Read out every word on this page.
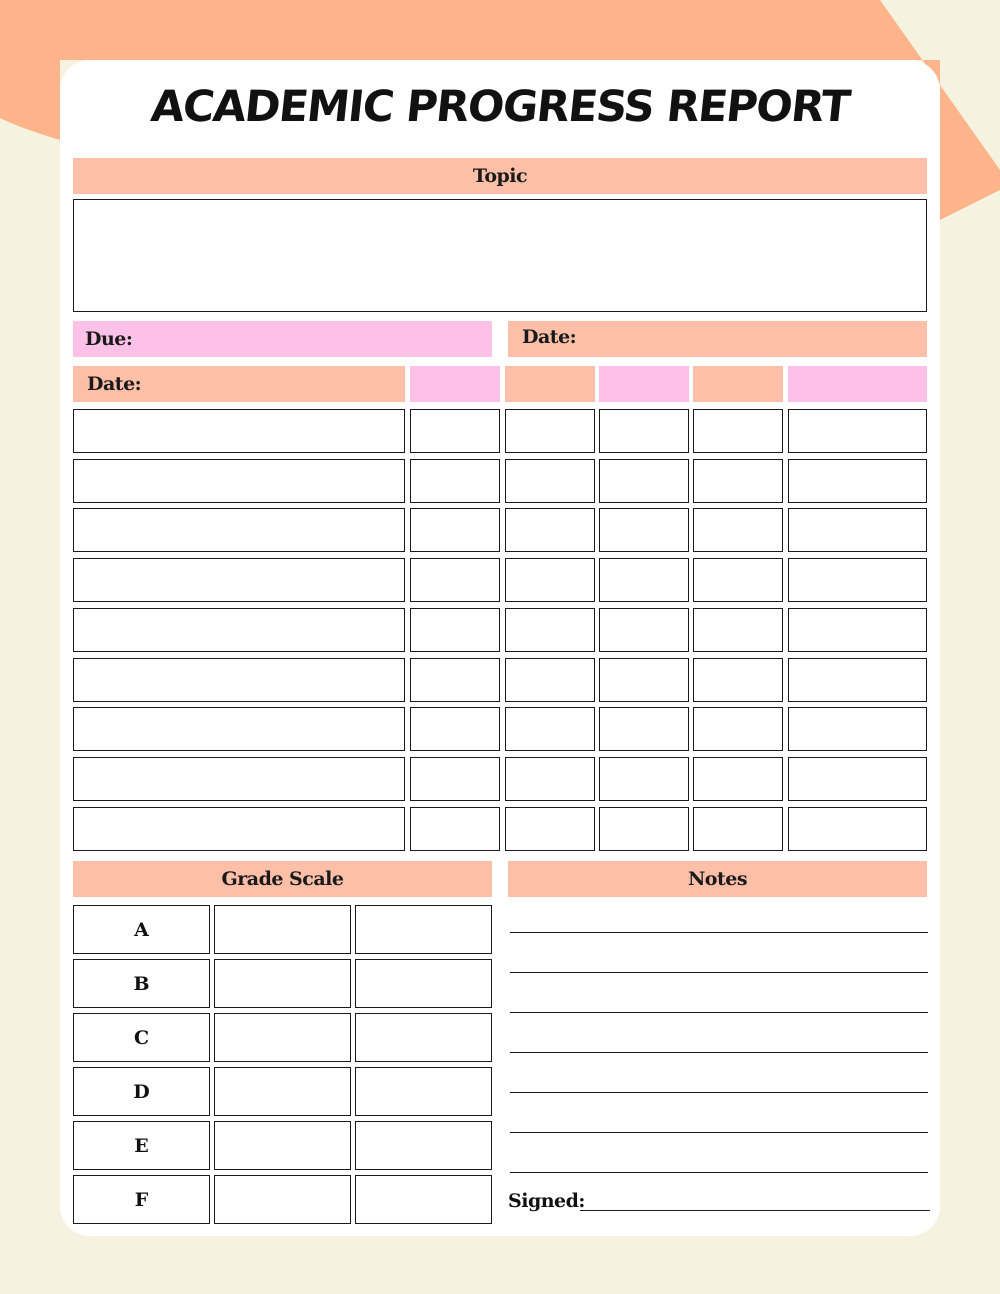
ACADEMIC PROGRESS REPORT
Topic
Due:	Date:
Date:
Grade Scale
A
B
C
D
E
F
Notes
Signed:
